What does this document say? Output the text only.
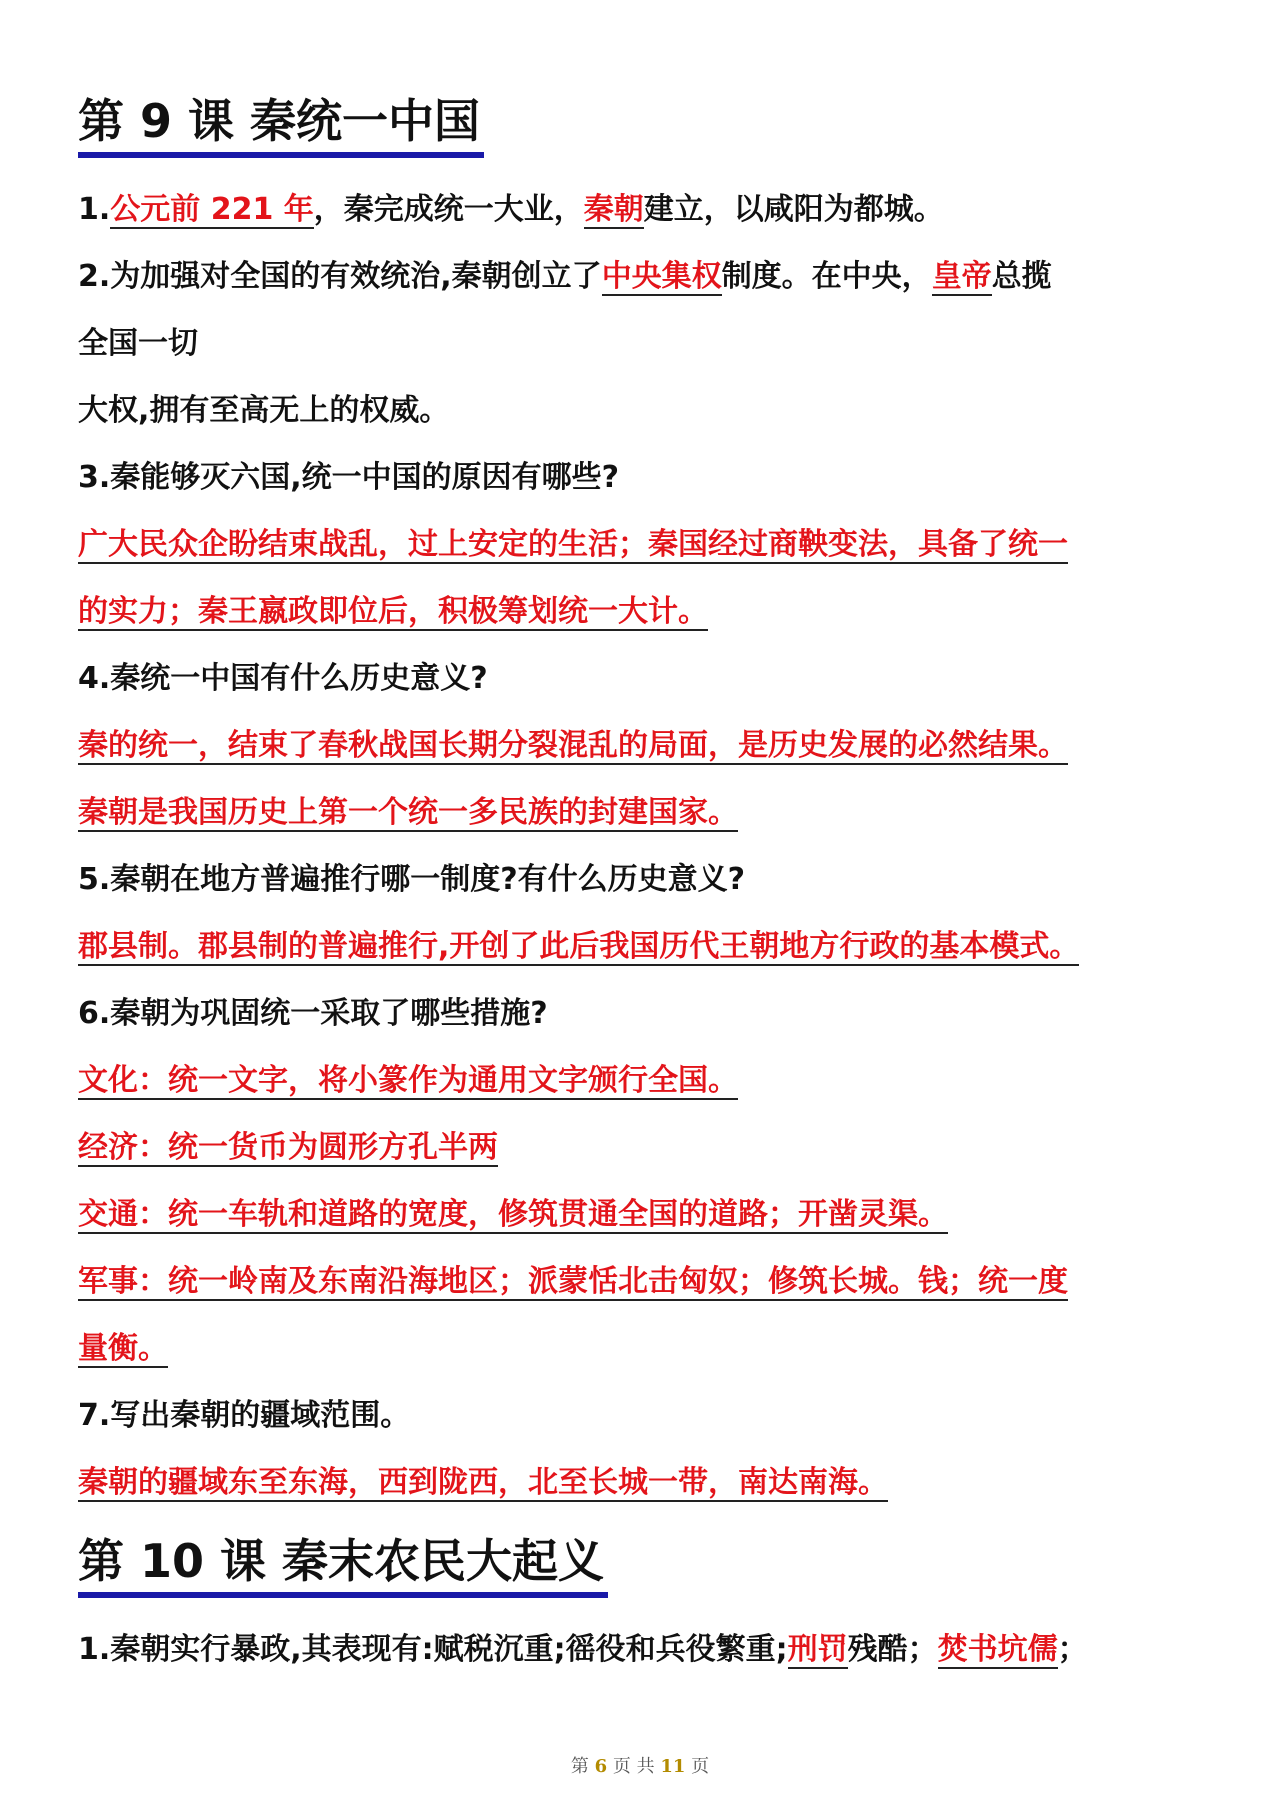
第 9 课 秦统一中国
1.公元前 221 年，秦完成统一大业，秦朝建立，以咸阳为都城。
2.为加强对全国的有效统治,秦朝创立了中央集权制度。在中央，皇帝总揽
全国一切
大权,拥有至高无上的权威。
3.秦能够灭六国,统一中国的原因有哪些?
广大民众企盼结束战乱，过上安定的生活；秦国经过商鞅变法，具备了统一
的实力；秦王嬴政即位后，积极筹划统一大计。
4.秦统一中国有什么历史意义?
秦的统一，结束了春秋战国长期分裂混乱的局面，是历史发展的必然结果。
秦朝是我国历史上第一个统一多民族的封建国家。
5.秦朝在地方普遍推行哪一制度?有什么历史意义?
郡县制。郡县制的普遍推行,开创了此后我国历代王朝地方行政的基本模式。
6.秦朝为巩固统一采取了哪些措施?
文化：统一文字，将小篆作为通用文字颁行全国。
经济：统一货币为圆形方孔半两
交通：统一车轨和道路的宽度，修筑贯通全国的道路；开凿灵渠。
军事：统一岭南及东南沿海地区；派蒙恬北击匈奴；修筑长城。钱；统一度
量衡。
7.写出秦朝的疆域范围。
秦朝的疆域东至东海，西到陇西，北至长城一带，南达南海。
第 10 课 秦末农民大起义
1.秦朝实行暴政,其表现有:赋税沉重;徭役和兵役繁重;刑罚残酷；焚书坑儒；
第 6 页 共 11 页
